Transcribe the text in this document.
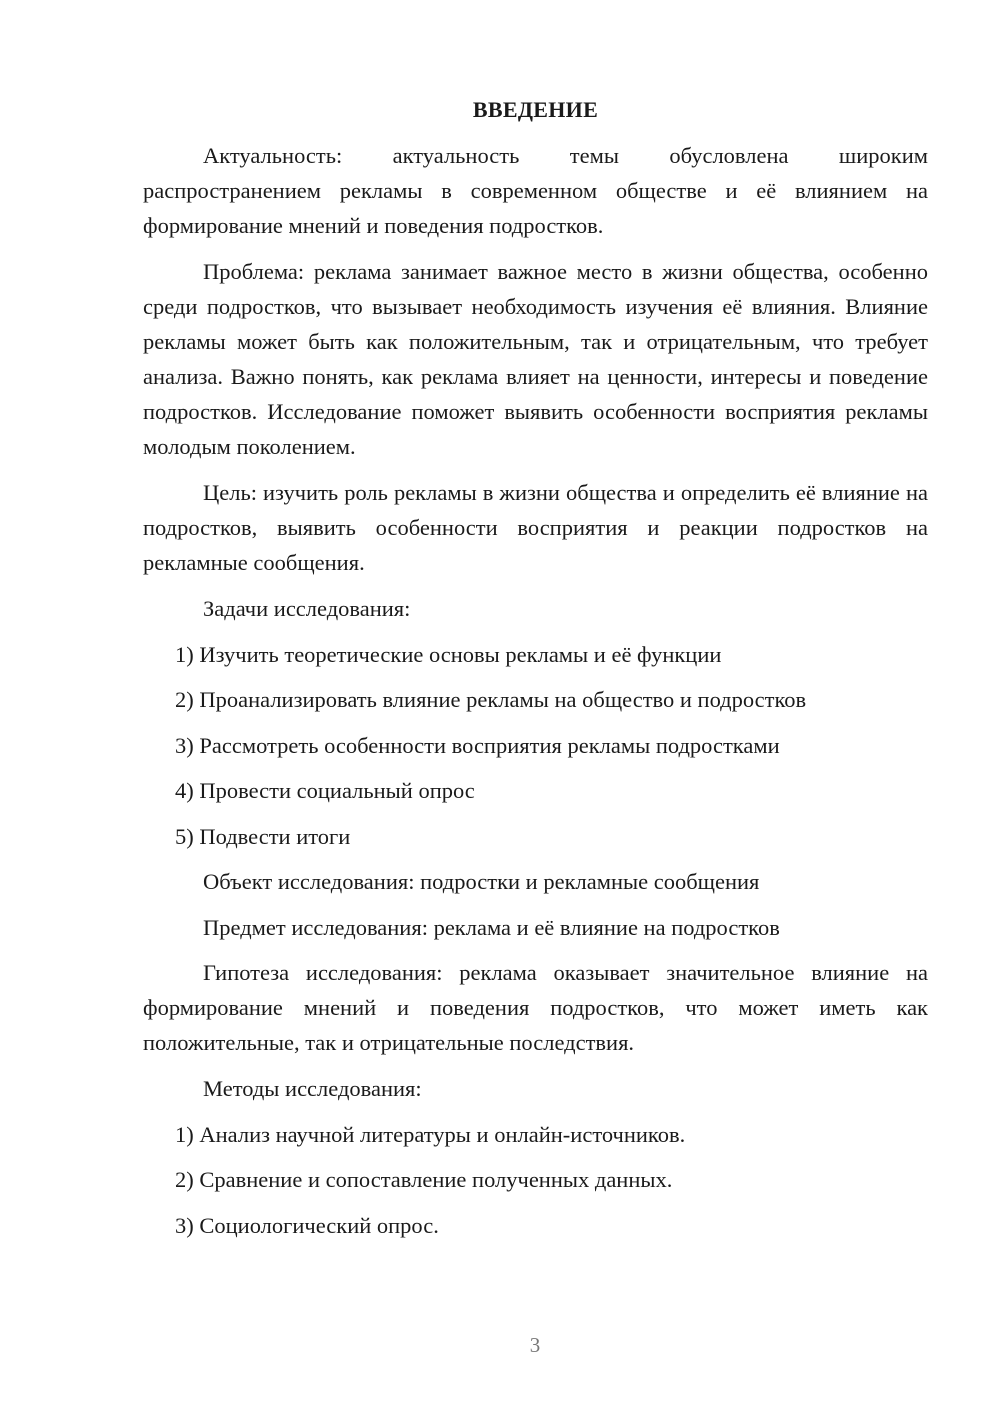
ВВЕДЕНИЕ

Актуальность: актуальность темы обусловлена широким распространением рекламы в современном обществе и её влиянием на формирование мнений и поведения подростков.

Проблема: реклама занимает важное место в жизни общества, особенно среди подростков, что вызывает необходимость изучения её влияния. Влияние рекламы может быть как положительным, так и отрицательным, что требует анализа. Важно понять, как реклама влияет на ценности, интересы и поведение подростков. Исследование поможет выявить особенности восприятия рекламы молодым поколением.

Цель: изучить роль рекламы в жизни общества и определить её влияние на подростков, выявить особенности восприятия и реакции подростков на рекламные сообщения.

Задачи исследования:
1) Изучить теоретические основы рекламы и её функции
2) Проанализировать влияние рекламы на общество и подростков
3) Рассмотреть особенности восприятия рекламы подростками
4) Провести социальный опрос
5) Подвести итоги
Объект исследования: подростки и рекламные сообщения
Предмет исследования: реклама и её влияние на подростков

Гипотеза исследования: реклама оказывает значительное влияние на формирование мнений и поведения подростков, что может иметь как положительные, так и отрицательные последствия.

Методы исследования:
1) Анализ научной литературы и онлайн-источников.
2) Сравнение и сопоставление полученных данных.
3) Социологический опрос.
3
